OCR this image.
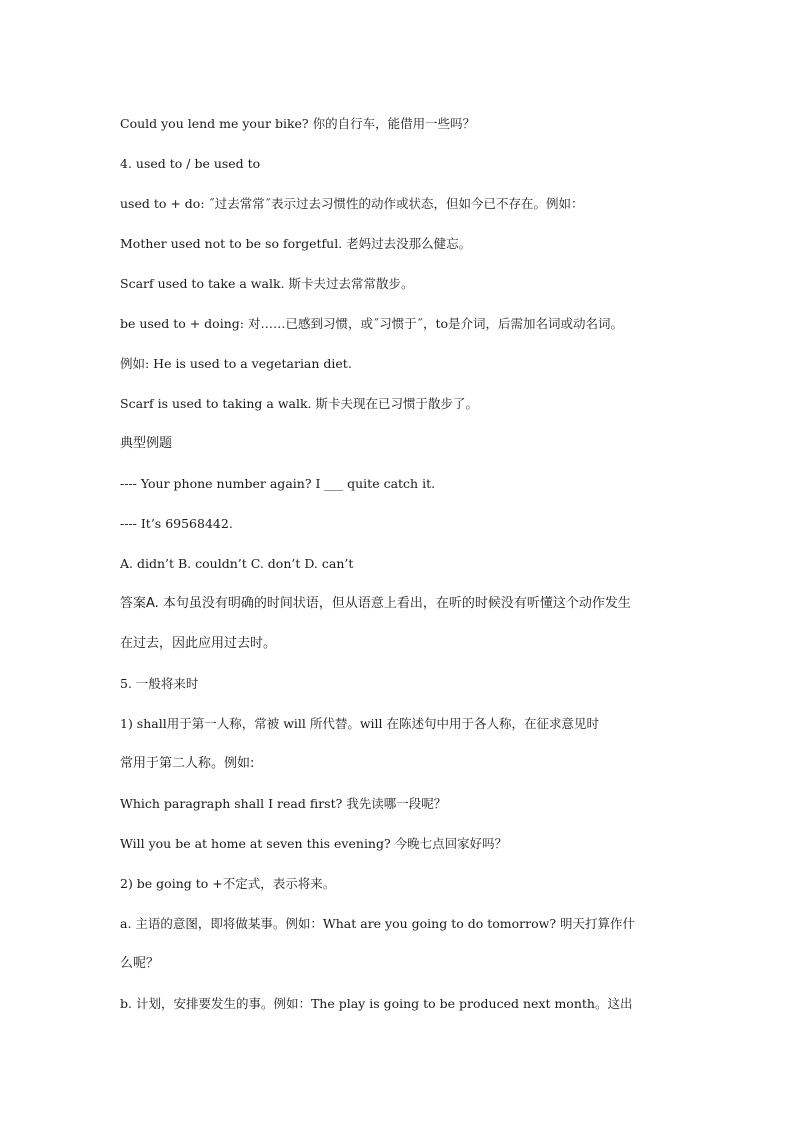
Could you lend me your bike? 你的自行车，能借用一些吗？
4. used to / be used to
used to + do: ˝过去常常˝表示过去习惯性的动作或状态，但如今已不存在。例如：
Mother used not to be so forgetful. 老妈过去没那么健忘。
Scarf used to take a walk. 斯卡夫过去常常散步。
be used to + doing: 对……已感到习惯，或˝习惯于˝，to是介词，后需加名词或动名词。
例如: He is used to a vegetarian diet.
Scarf is used to taking a walk. 斯卡夫现在已习惯于散步了。
典型例题
---- Your phone number again? I ___ quite catch it.
---- It’s 69568442.
A. didn’t B. couldn’t C. don’t D. can’t
答案A. 本句虽没有明确的时间状语，但从语意上看出，在听的时候没有听懂这个动作发生
在过去，因此应用过去时。
5. 一般将来时
1) shall用于第一人称，常被 will 所代替。will 在陈述句中用于各人称，在征求意见时
常用于第二人称。例如:
Which paragraph shall I read first? 我先读哪一段呢？
Will you be at home at seven this evening? 今晚七点回家好吗？
2) be going to +不定式，表示将来。
a. 主语的意图，即将做某事。例如：What are you going to do tomorrow? 明天打算作什
么呢？
b. 计划，安排要发生的事。例如：The play is going to be produced next month。这出
